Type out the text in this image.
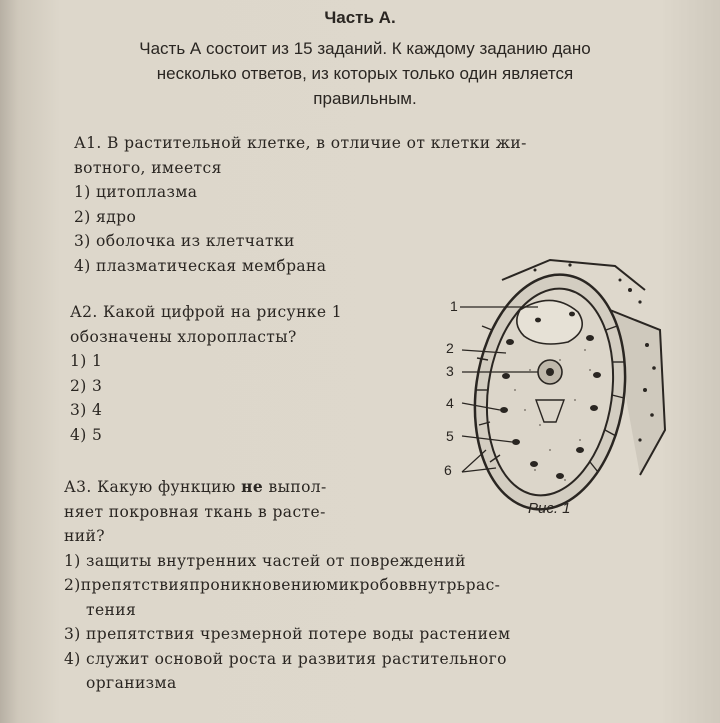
Часть А.
Часть А состоит из 15 заданий. К каждому заданию дано
несколько ответов, из которых только один является
правильным.
А1. В растительной клетке, в отличие от клетки жи-
вотного, имеется
1) цитоплазма
2) ядро
3) оболочка из клетчатки
4) плазматическая мембрана
А2. Какой цифрой на рисунке 1
обозначены хлоропласты?
1) 1
2) 3
3) 4
4) 5
А3. Какую функцию не выпол-
няет покровная ткань в расте-
ний?
1) защиты внутренних частей от повреждений
2)препятствияпроникновениюмикробоввнутрьрас-
тения
3) препятствия чрезмерной потере воды растением
4) служит основой роста и развития растительного
организма
1
2
3
4
5
6
Рис. 1
